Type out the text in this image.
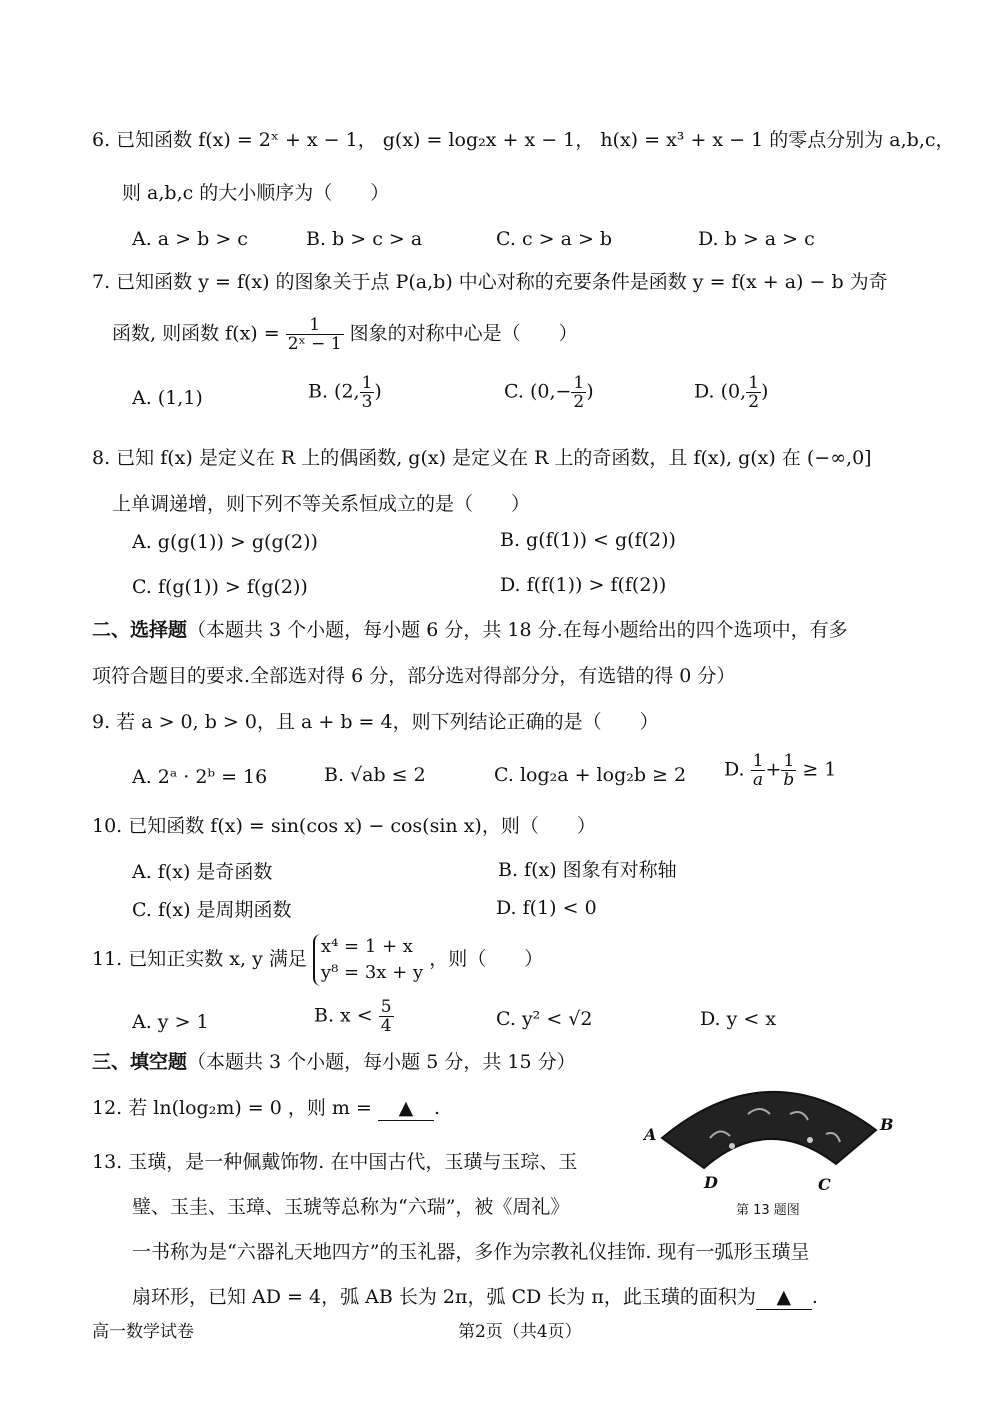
6. 已知函数 f(x) = 2ˣ + x − 1， g(x) = log₂x + x − 1， h(x) = x³ + x − 1 的零点分别为 a,b,c，
则 a,b,c 的大小顺序为（　　）
A. a > b > c	B. b > c > a	C. c > a > b	D. b > a > c
7. 已知函数 y = f(x) 的图象关于点 P(a,b) 中心对称的充要条件是函数 y = f(x + a) − b 为奇
函数, 则函数 $f(x) = \frac{1}{\text{2ˣ − 1}}$ 图象的对称中心是（　　）
A. (1,1)	B. (2, $\frac{1}{3}$ )	C. ($0,- \frac{1}{2}$ )	D. (0, $\frac{1}{2}$ )
8. 已知 f(x) 是定义在 R 上的偶函数, g(x) 是定义在 R 上的奇函数，且 f(x), g(x) 在 (−∞,0]
上单调递增，则下列不等关系恒成立的是（　　）
A. g(g(1)) > g(g(2))	B. g(f(1)) < g(f(2))
C. f(g(1)) > f(g(2))	D. f(f(1)) > f(f(2))
二、选择题（本题共 3 个小题，每小题 6 分，共 18 分.在每小题给出的四个选项中，有多
项符合题目的要求.全部选对得 6 分，部分选对得部分分，有选错的得 0 分）
9. 若 a > 0, b > 0，且 a + b = 4，则下列结论正确的是（　　）
A. 2ᵃ · 2ᵇ = 16	B. √ab ≤ 2	C. log₂a + log₂b ≥ 2 D. $\frac{1}{a} + \frac{1}{b} \ge 1$
10. 已知函数 f(x) = sin(cos x) − cos(sin x)，则（　　）
A. f(x) 是奇函数	B. f(x) 图象有对称轴
C. f(x) 是周期函数	D. f(1) < 0
11. 已知正实数 x, y 满足
x⁴ = 1 + x
y⁸ = 3x + y
，则（　　）
A. y > 1	B. $x < \frac{5}{4}$	C. y² < √2	D. y < x
三、填空题（本题共 3 个小题，每小题 5 分，共 15 分）
12. 若 ln(log₂m) = 0 ，则 m = ▲ .
13. 玉璜，是一种佩戴饰物. 在中国古代，玉璜与玉琮、玉
璧、玉圭、玉璋、玉琥等总称为“六瑞”，被《周礼》
一书称为是“六器礼天地四方”的玉礼器，多作为宗教礼仪挂饰. 现有一弧形玉璜呈
扇环形，已知 AD = 4，弧 AB 长为 2π，弧 CD 长为 π，此玉璜的面积为 ▲ .
A
B
D	C
第 13 题图
高一数学试卷	第2页（共4页）
